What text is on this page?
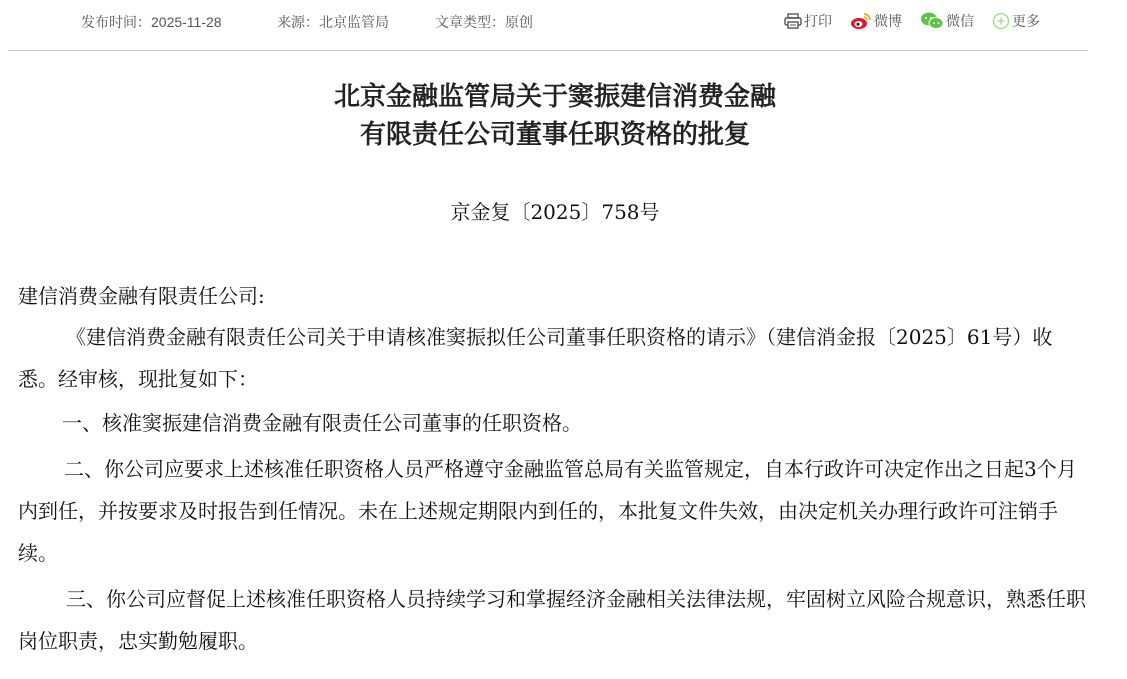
发布时间：2025-11-28	来源：北京监管局	文章类型：原创	打印	微博	微信	更多
北京金融监管局关于窦振建信消费金融
有限责任公司董事任职资格的批复
京金复〔2025〕758号

建信消费金融有限责任公司:

《建信消费金融有限责任公司关于申请核准窦振拟任公司董事任职资格的请示》（建信消金报〔2025〕61号）收悉。经审核，现批复如下：

一、核准窦振建信消费金融有限责任公司董事的任职资格。

二、你公司应要求上述核准任职资格人员严格遵守金融监管总局有关监管规定，自本行政许可决定作出之日起3个月内到任，并按要求及时报告到任情况。未在上述规定期限内到任的，本批复文件失效，由决定机关办理行政许可注销手续。

三、你公司应督促上述核准任职资格人员持续学习和掌握经济金融相关法律法规，牢固树立风险合规意识，熟悉任职岗位职责，忠实勤勉履职。
